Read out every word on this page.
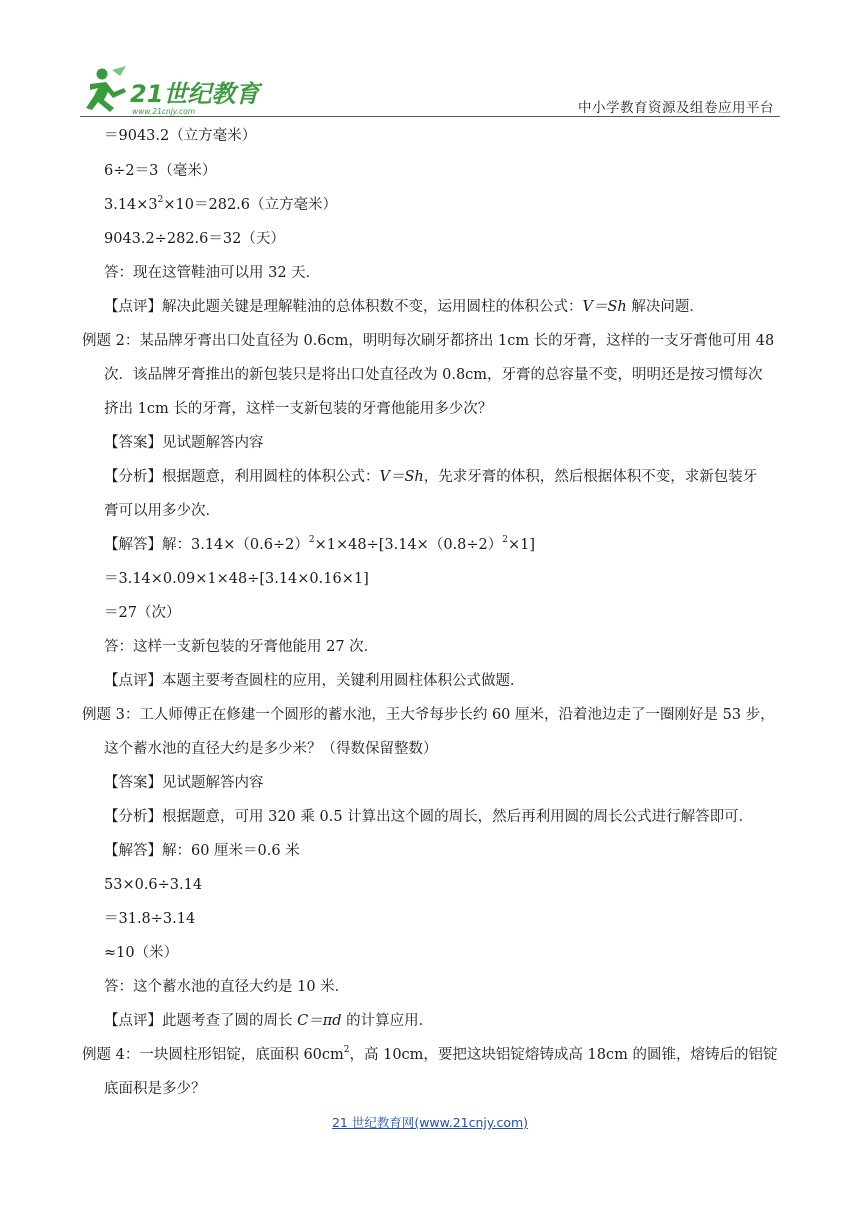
21世纪教育
www.21cnjy.com	中小学教育资源及组卷应用平台
＝9043.2（立方毫米）
6÷2＝3（毫米）
$3.14\times 3^2\times 10=282.6$（立方毫米）
9043.2÷282.6＝32（天）
答：现在这管鞋油可以用 32 天．
【点评】解决此题关键是理解鞋油的总体积数不变，运用圆柱的体积公式：V＝Sh 解决问题．
例题 2：某品牌牙膏出口处直径为 0.6cm，明明每次刷牙都挤出 1cm 长的牙膏，这样的一支牙膏他可用 48
次．该品牌牙膏推出的新包装只是将出口处直径改为 0.8cm，牙膏的总容量不变，明明还是按习惯每次
挤出 1cm 长的牙膏，这样一支新包装的牙膏他能用多少次？
【答案】见试题解答内容
【分析】根据题意，利用圆柱的体积公式：V＝Sh，先求牙膏的体积，然后根据体积不变，求新包装牙
膏可以用多少次．
【解答】解：$3.14\times(0.6\div 2)^2\times 1\times 48\div[3.14\times(0.8\div 2)^2\times 1]$
＝3.14×0.09×1×48÷[3.14×0.16×1]
＝27（次）
答：这样一支新包装的牙膏他能用 27 次．
【点评】本题主要考查圆柱的应用，关键利用圆柱体积公式做题．
例题 3：工人师傅正在修建一个圆形的蓄水池，王大爷每步长约 60 厘米，沿着池边走了一圈刚好是 53 步，
这个蓄水池的直径大约是多少米？（得数保留整数）
【答案】见试题解答内容
【分析】根据题意，可用 320 乘 0.5 计算出这个圆的周长，然后再利用圆的周长公式进行解答即可．
【解答】解：60 厘米＝0.6 米
53×0.6÷3.14
＝31.8÷3.14
≈10（米）
答：这个蓄水池的直径大约是 10 米．
【点评】此题考查了圆的周长 C＝πd 的计算应用．
例题 4：一块圆柱形铝锭，底面积 $60cm^2$，高 10cm，要把这块铝锭熔铸成高 18cm 的圆锥，熔铸后的铝锭
底面积是多少？
21 世纪教育网(www.21cnjy.com)
